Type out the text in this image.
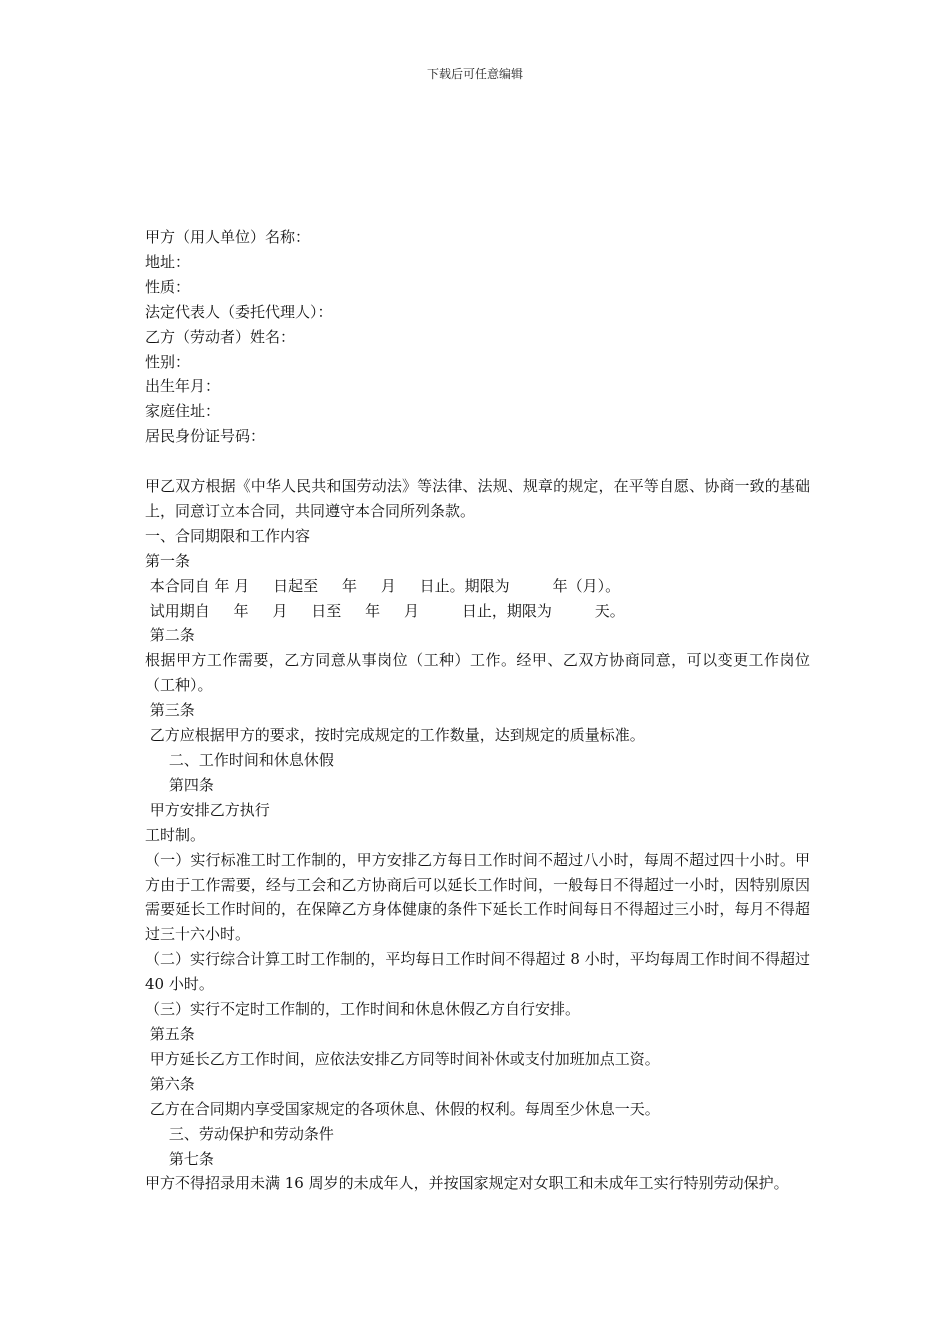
下载后可任意编辑
甲方（用人单位）名称：
地址：
性质：
法定代表人（委托代理人）：
乙方（劳动者）姓名：
性别：
出生年月：
家庭住址：
居民身份证号码：
甲乙双方根据《中华人民共和国劳动法》等法律、法规、规章的规定，在平等自愿、协商一致的基础上，同意订立本合同，共同遵守本合同所列条款。
一、合同期限和工作内容
第一条
本合同自 年 月     日起至     年     月     日止。期限为         年（月）。
试用期自     年     月     日至     年     月         日止，期限为         天。
第二条
根据甲方工作需要，乙方同意从事岗位（工种）工作。经甲、乙双方协商同意，可以变更工作岗位（工种）。
第三条
乙方应根据甲方的要求，按时完成规定的工作数量，达到规定的质量标准。
二、工作时间和休息休假
第四条
甲方安排乙方执行
工时制。
（一）实行标准工时工作制的，甲方安排乙方每日工作时间不超过八小时，每周不超过四十小时。甲方由于工作需要，经与工会和乙方协商后可以延长工作时间，一般每日不得超过一小时，因特别原因需要延长工作时间的，在保障乙方身体健康的条件下延长工作时间每日不得超过三小时，每月不得超过三十六小时。
（二）实行综合计算工时工作制的，平均每日工作时间不得超过 8 小时，平均每周工作时间不得超过 40 小时。
（三）实行不定时工作制的，工作时间和休息休假乙方自行安排。
第五条
甲方延长乙方工作时间，应依法安排乙方同等时间补休或支付加班加点工资。
第六条
乙方在合同期内享受国家规定的各项休息、休假的权利。每周至少休息一天。
三、劳动保护和劳动条件
第七条
甲方不得招录用未满 16 周岁的未成年人，并按国家规定对女职工和未成年工实行特别劳动保护。
